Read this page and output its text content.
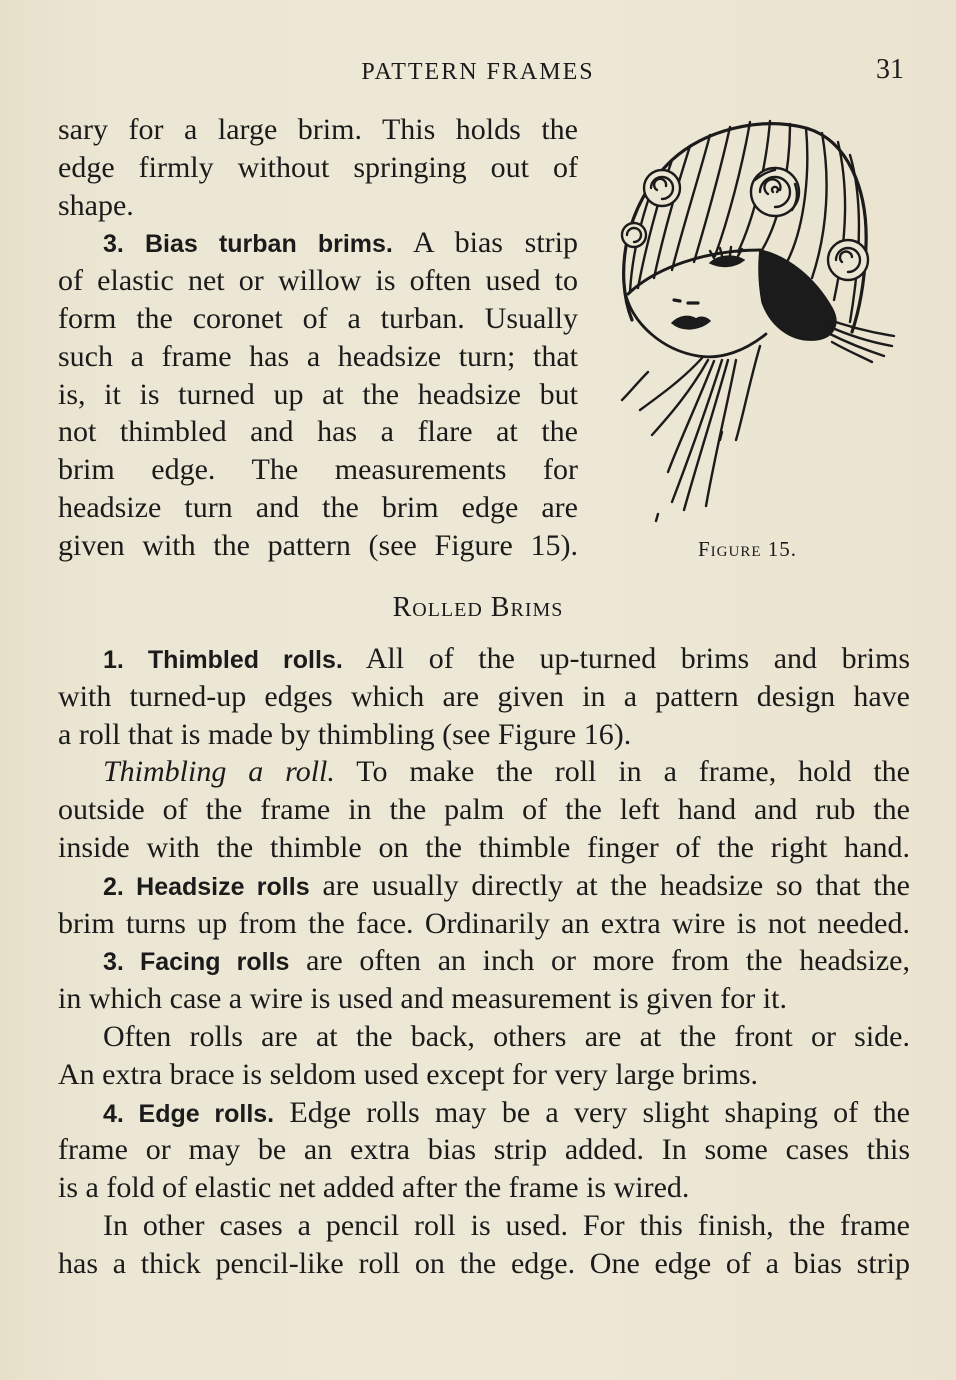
PATTERN FRAMES	31
sary for a large brim. This holds the
edge firmly without springing out of
shape.
3. Bias turban brims. A bias strip
of elastic net or willow is often used to
form the coronet of a turban. Usually
such a frame has a headsize turn; that
is, it is turned up at the headsize but
not thimbled and has a flare at the
brim edge. The measurements for
headsize turn and the brim edge are
given with the pattern (see Figure 15).	Figure 15.
Rolled Brims
1. Thimbled rolls. All of the up-turned brims and brims
with turned-up edges which are given in a pattern design have
a roll that is made by thimbling (see Figure 16).
Thimbling a roll. To make the roll in a frame, hold the
outside of the frame in the palm of the left hand and rub the
inside with the thimble on the thimble finger of the right hand.
2. Headsize rolls are usually directly at the headsize so that the
brim turns up from the face. Ordinarily an extra wire is not needed.
3. Facing rolls are often an inch or more from the headsize,
in which case a wire is used and measurement is given for it.
Often rolls are at the back, others are at the front or side.
An extra brace is seldom used except for very large brims.
4. Edge rolls. Edge rolls may be a very slight shaping of the
frame or may be an extra bias strip added. In some cases this
is a fold of elastic net added after the frame is wired.
In other cases a pencil roll is used. For this finish, the frame
has a thick pencil-like roll on the edge. One edge of a bias strip
